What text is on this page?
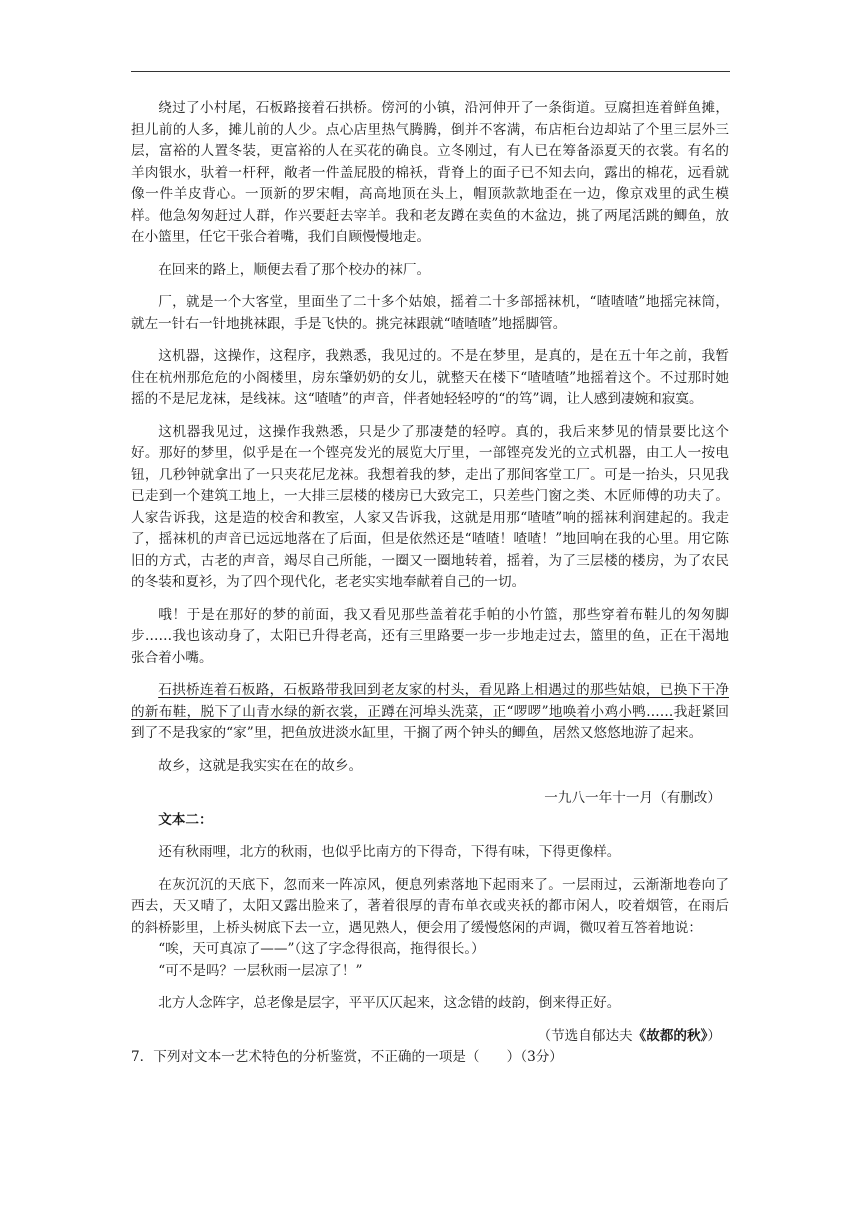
绕过了小村尾，石板路接着石拱桥。傍河的小镇，沿河伸开了一条街道。豆腐担连着鲜鱼摊，担儿前的人多，摊儿前的人少。点心店里热气腾腾，倒并不客满，布店柜台边却站了个里三层外三层，富裕的人置冬装，更富裕的人在买花的确良。立冬刚过，有人已在筹备添夏天的衣裳。有名的羊肉银水，驮着一杆秤，敞者一件盖屁股的棉袄，背脊上的面子已不知去向，露出的棉花，远看就像一件羊皮背心。一顶新的罗宋帽，高高地顶在头上，帽顶款款地歪在一边，像京戏里的武生模样。他急匆匆赶过人群，作兴要赶去宰羊。我和老友蹲在卖鱼的木盆边，挑了两尾活跳的鲫鱼，放在小篮里，任它干张合着嘴，我们自顾慢慢地走。

在回来的路上，顺便去看了那个校办的袜厂。

厂，就是一个大客堂，里面坐了二十多个姑娘，摇着二十多部摇袜机，“喳喳喳”地摇完袜筒，就左一针右一针地挑袜跟，手是飞快的。挑完袜跟就“喳喳喳”地摇脚管。

这机器，这操作，这程序，我熟悉，我见过的。不是在梦里，是真的，是在五十年之前，我暂住在杭州那危危的小阁楼里，房东肇奶奶的女儿，就整天在楼下“喳喳喳”地摇着这个。不过那时她摇的不是尼龙袜，是线袜。这“喳喳”的声音，伴者她轻轻哼的“的笃”调，让人感到凄婉和寂寞。

这机器我见过，这操作我熟悉，只是少了那凄楚的轻哼。真的，我后来梦见的情景要比这个好。那好的梦里，似乎是在一个铿亮发光的展览大厅里，一部铿亮发光的立式机器，由工人一按电钮，几秒钟就拿出了一只夹花尼龙袜。我想着我的梦，走出了那间客堂工厂。可是一抬头，只见我已走到一个建筑工地上，一大排三层楼的楼房已大致完工，只差些门窗之类、木匠师傅的功夫了。人家告诉我，这是造的校舍和教室，人家又告诉我，这就是用那“喳喳”响的摇袜利润建起的。我走了，摇袜机的声音已远远地落在了后面，但是依然还是“喳喳！喳喳！”地回响在我的心里。用它陈旧的方式，古老的声音，竭尽自己所能，一圈又一圈地转着，摇着，为了三层楼的楼房，为了农民的冬装和夏衫，为了四个现代化，老老实实地奉献着自己的一切。

哦！于是在那好的梦的前面，我又看见那些盖着花手帕的小竹篮，那些穿着布鞋儿的匆匆脚步……我也该动身了，太阳已升得老高，还有三里路要一步一步地走过去，篮里的鱼，正在干渴地张合着小嘴。

石拱桥连着石板路，石板路带我回到老友家的村头，看见路上相遇过的那些姑娘，已换下干净的新布鞋，脱下了山青水绿的新衣裳，正蹲在河埠头洗菜，正“啰啰”地唤着小鸡小鸭……我赶紧回到了不是我家的“家”里，把鱼放进淡水缸里，干搁了两个钟头的鲫鱼，居然又悠悠地游了起来。

故乡，这就是我实实在在的故乡。

一九八一年十一月（有删改）

文本二：

还有秋雨哩，北方的秋雨，也似乎比南方的下得奇，下得有味，下得更像样。

在灰沉沉的天底下，忽而来一阵凉风，便息列索落地下起雨来了。一层雨过，云渐渐地卷向了西去，天又晴了，太阳又露出脸来了，著着很厚的青布单衣或夹袄的都市闲人，咬着烟管，在雨后的斜桥影里，上桥头树底下去一立，遇见熟人，便会用了缓慢悠闲的声调，微叹着互答着地说：

“唉，天可真凉了——”（这了字念得很高，拖得很长。）

“可不是吗？一层秋雨一层凉了！”

北方人念阵字，总老像是层字，平平仄仄起来，这念错的歧韵，倒来得正好。

（节选自郁达夫《故都的秋》）

7．下列对文本一艺术特色的分析鉴赏，不正确的一项是（　　）（3分）
